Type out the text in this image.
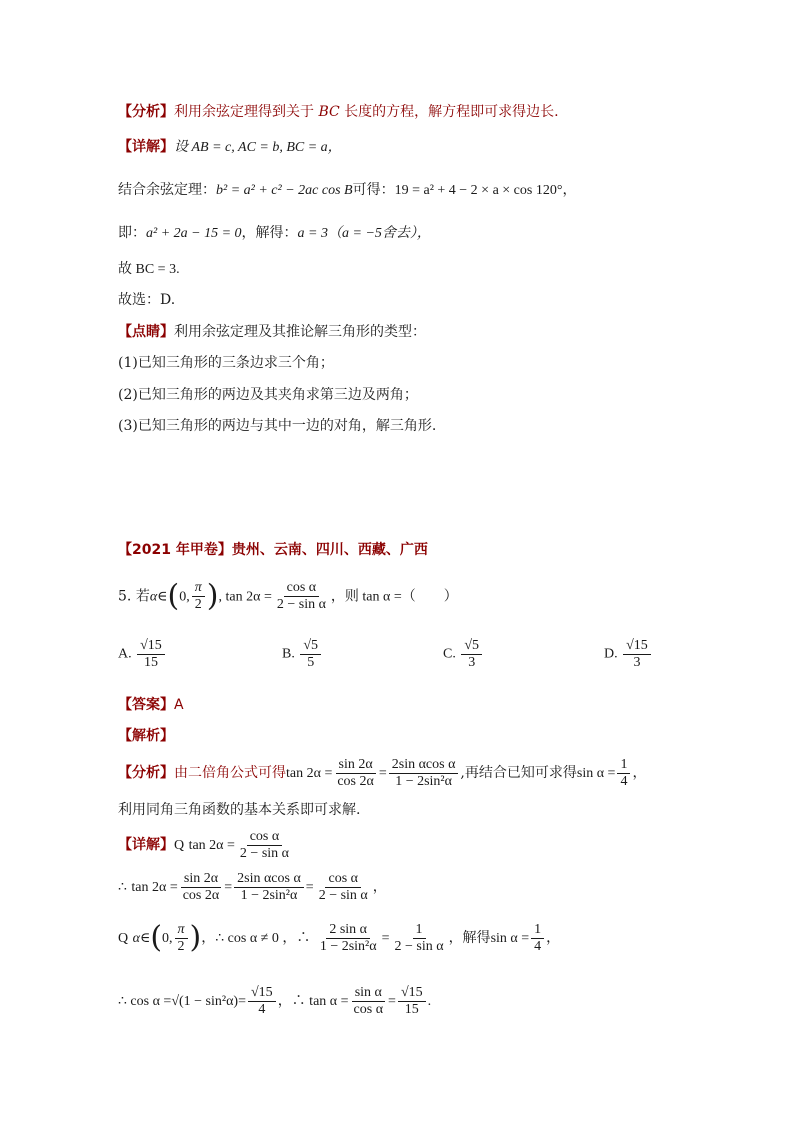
【分析】利用余弦定理得到关于 BC 长度的方程，解方程即可求得边长.
【详解】设 AB = c, AC = b, BC = a，
结合余弦定理：b² = a² + c² − 2ac cos B可得：19 = a² + 4 − 2 × a × cos 120°，
即：a² + 2a − 15 = 0，解得：a = 3（a = −5舍去），
故 BC = 3.
故选：D.
【点睛】利用余弦定理及其推论解三角形的类型：
(1)已知三角形的三条边求三个角；
(2)已知三角形的两边及其夹角求第三边及两角；
(3)已知三角形的两边与其中一边的对角，解三角形.
【2021 年甲卷】贵州、云南、四川、西藏、广西
5. 若α∈(0, $\frac{\pi}{2}$ ), $\tan 2\alpha = \frac{\text{cos α}}{\text{2 − sin α}}$ ，则 tan α =（　　）
A. $\frac{√15}{15}$	B. $\frac{√5}{5}$	C. $\frac{√5}{3}$	D. $\frac{√15}{3}$
【答案】A
【解析】
【分析】由二倍角公式可得$\tan 2\alpha = \frac{\sin 2\alpha}{\cos 2\alpha} = \frac{\text{2sin αcos α}}{\text{1 − 2sin²α}}$ ,再结合已知可求得$\sin \alpha = \frac{1}{4}$ ，
利用同角三角函数的基本关系即可求解.
【详解】Q $\tan 2\alpha = \frac{\text{cos α}}{\text{2 − sin α}}$
∴ $\tan 2\alpha = \frac{\sin 2\alpha}{\cos 2\alpha} = \frac{\text{2sin αcos α}}{\text{1 − 2sin²α}} = \frac{\text{cos α}}{\text{2 − sin α}}$ ，
Q α∈(0, $\frac{\pi}{2}$ )，∴ cos α ≠ 0 ，∴ $\frac{\text{2 sin α}}{\text{1 − 2sin²α}} = \frac{1}{\text{2 − sin α}}$ ，解得$\sin \alpha = \frac{1}{4}$ ，
∴ $\cos \alpha =√(1 - \sin^2\alpha)= \frac{√15}{4}$ ，∴ $\tan \alpha = \frac{\text{sin α}}{\text{cos α}} = \frac{√15}{15}$ .
